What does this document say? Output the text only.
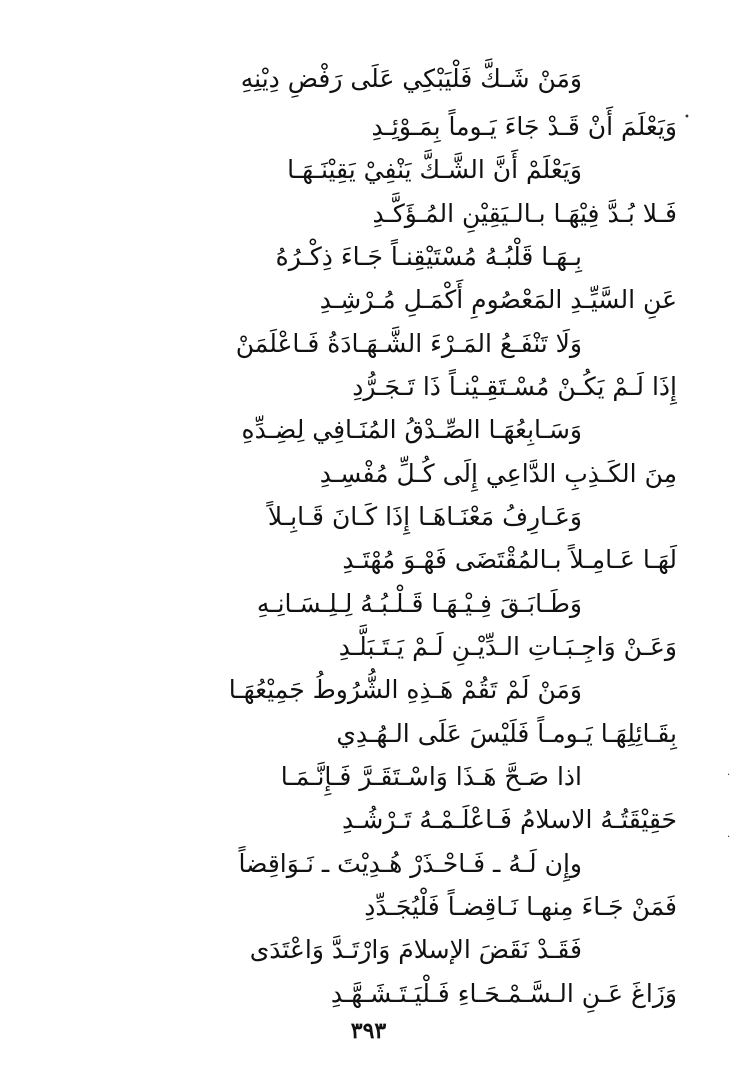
وَمَنْ شَـكَّ فَلْيَبْكِي عَلَى رَفْضِ دِيْنِهِ
وَيَعْلَمَ أَنْ قَـدْ جَاءَ يَـوماً بِمَـوْئِـدِ
وَيَعْلَمْ أَنَّ الشَّـكَّ يَنْفِيْ يَقِيْنَـهَـا
فَـلا بُـدَّ فِيْهَـا بـالـيَقِيْنِ المُـؤَكَّـدِ
بِـهَـا قَلْبُـهُ مُسْتَيْقِنـاً جَـاءَ ذِكْـرُهُ
عَنِ السَّيِّـدِ المَعْصُومِ أَكْمَـلِ مُـرْشِـدِ
وَلَا تَنْفَـعُ المَـرْءَ الشَّـهَـادَةُ فَـاعْلَمَنْ
إِذَا لَـمْ يَكُـنْ مُسْـتَقِـيْنـاً ذَا تَـجَـرُّدِ
وَسَـابِعُهَـا الصِّـدْقُ المُنَـافِي لِضِـدِّهِ
مِنَ الكَـذِبِ الدَّاعِي إِلَى كُـلِّ مُفْسِـدِ
وَعَـارِفُ مَعْنَـاهَـا إِذَا كَـانَ قَـابِـلاً
لَهَـا عَـامِـلاً بـالمُقْتَضَى فَهْـوَ مُهْتَـدِ
وَطَـابَـقَ فِـيْـهَـا قَـلْـبُـهُ لِـلِـسَـانِـهِ
وَعَـنْ وَاجِـبَـاتِ الـدِّيْـنِ لَـمْ يَـتَـبَلَّـدِ
وَمَنْ لَمْ تَقُمْ هَـذِهِ الشُّرُوطُ جَمِيْعُهَـا
بِقَـائِلِهَـا يَـومـاً فَلَيْسَ عَلَى الـهُـدِي
اذا صَـحَّ هَـذَا وَاسْـتَقَـرَّ فَـإِنَّـمَـا
حَقِيْقَتُـهُ الاسلامُ فَـاعْلَـمْـهُ تَـرْشُـدِ
وإِن لَـهُ ـ فَـاحْـذَرْ هُـدِيْتَ ـ نَـوَاقِضاً
فَمَنْ جَـاءَ مِنهـا نَـاقِضـاً فَلْيُجَـدِّدِ
فَقَـدْ نَقَضَ الإسلامَ وَارْتَـدَّ وَاعْتَدَى
وَزَاغَ عَـنِ الـسَّـمْـحَـاءِ فَـلْيَـتَـشَـهَّـدِ
٣٩٣
•
·
·
